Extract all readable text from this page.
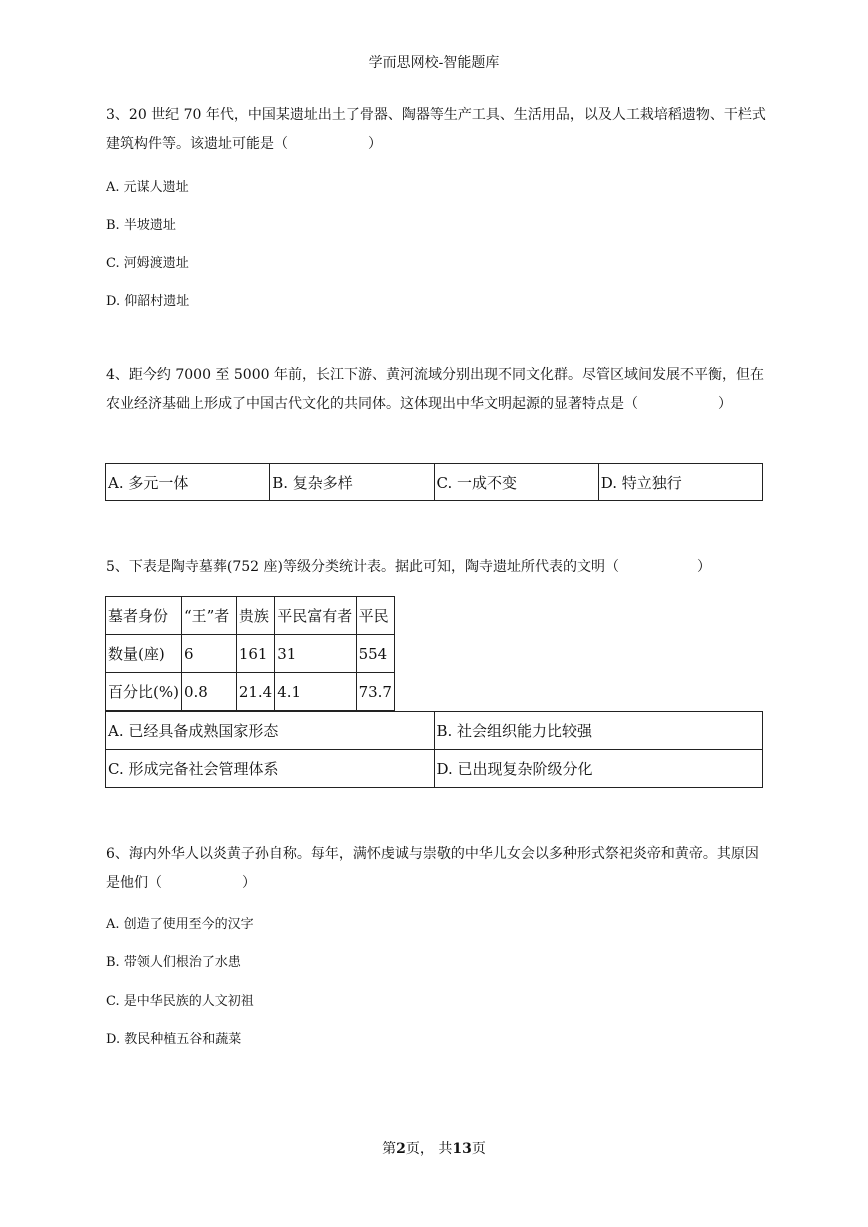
学而思网校-智能题库
3、20 世纪 70 年代，中国某遗址出土了骨器、陶器等生产工具、生活用品，以及人工栽培稻遗物、干栏式建筑构件等。该遗址可能是（	）
A. 元谋人遗址
B. 半坡遗址
C. 河姆渡遗址
D. 仰韶村遗址
4、距今约 7000 至 5000 年前，长江下游、黄河流域分别出现不同文化群。尽管区域间发展不平衡，但在农业经济基础上形成了中国古代文化的共同体。这体现出中华文明起源的显著特点是（	）
A. 多元一体	B. 复杂多样	C. 一成不变	D. 特立独行
5、下表是陶寺墓葬(752 座)等级分类统计表。据此可知，陶寺遗址所代表的文明（	）
墓者身份	“王”者	贵族	平民富有者	平民
数量(座)	6	161	31	554
百分比(%)	0.8	21.4	4.1	73.7
A. 已经具备成熟国家形态	B. 社会组织能力比较强
C. 形成完备社会管理体系	D. 已出现复杂阶级分化
6、海内外华人以炎黄子孙自称。每年，满怀虔诚与崇敬的中华儿女会以多种形式祭祀炎帝和黄帝。其原因是他们（	）
A. 创造了使用至今的汉字
B. 带领人们根治了水患
C. 是中华民族的人文初祖
D. 教民种植五谷和蔬菜
第2页， 共13页
